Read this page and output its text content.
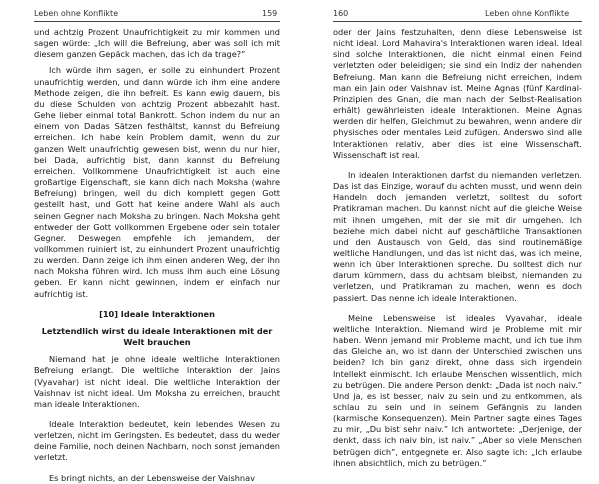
Leben ohne Konflikte	159

und achtzig Prozent Unaufrichtigkeit zu mir kommen und sagen würde: „Ich will die Befreiung, aber was soll ich mit diesem ganzen Gepäck machen, das ich da trage?”

Ich würde ihm sagen, er solle zu einhundert Prozent unaufrichtig werden, und dann würde ich ihm eine andere Methode zeigen, die ihn befreit. Es kann ewig dauern, bis du diese Schulden von achtzig Prozent abbezahlt hast. Gehe lieber einmal total Bankrott. Schon indem du nur an einem von Dadas Sätzen festhältst, kannst du Befreiung erreichen. Ich habe kein Problem damit, wenn du zur ganzen Welt unaufrichtig gewesen bist, wenn du nur hier, bei Dada, aufrichtig bist, dann kannst du Befreiung erreichen. Vollkommene Unaufrichtigkeit ist auch eine großartige Eigenschaft, sie kann dich nach Moksha (wahre Befreiung) bringen, weil du dich komplett gegen Gott gestellt hast, und Gott hat keine andere Wahl als auch seinen Gegner nach Moksha zu bringen. Nach Moksha geht entweder der Gott vollkommen Ergebene oder sein totaler Gegner. Deswegen empfehle ich jemandem, der vollkommen ruiniert ist, zu einhundert Prozent unaufrichtig zu werden. Dann zeige ich ihm einen anderen Weg, der ihn nach Moksha führen wird. Ich muss ihm auch eine Lösung geben. Er kann nicht gewinnen, indem er einfach nur aufrichtig ist.

[10] Ideale Interaktionen

Letztendlich wirst du ideale Interaktionen mit der Welt brauchen

Niemand hat je ohne ideale weltliche Interaktionen Befreiung erlangt. Die weltliche Interaktion der Jains (Vyavahar) ist nicht ideal. Die weltliche Interaktion der Vaishnav ist nicht ideal. Um Moksha zu erreichen, braucht man ideale Interaktionen.

Ideale Interaktion bedeutet, kein lebendes Wesen zu verletzen, nicht im Geringsten. Es bedeutet, dass du weder deine Familie, noch deinen Nachbarn, noch sonst jemanden verletzt.

Es bringt nichts, an der Lebensweise der Vaishnav

160	Leben ohne Konflikte

oder der Jains festzuhalten, denn diese Lebensweise ist nicht ideal. Lord Mahavira's Interaktionen waren ideal. Ideal sind solche Interaktionen, die nicht einmal einen Feind verletzten oder beleidigen; sie sind ein Indiz der nahenden Befreiung. Man kann die Befreiung nicht erreichen, indem man ein Jain oder Vaishnav ist. Meine Agnas (fünf Kardinal-Prinzipien des Gnan, die man nach der Selbst-Realisation erhält) gewährleisten ideale Interaktionen. Meine Agnas werden dir helfen, Gleichmut zu bewahren, wenn andere dir physisches oder mentales Leid zufügen. Anderswo sind alle Interaktionen relativ, aber dies ist eine Wissenschaft. Wissenschaft ist real.

In idealen Interaktionen darfst du niemanden verletzen. Das ist das Einzige, worauf du achten musst, und wenn dein Handeln doch jemanden verletzt, solltest du sofort Pratikraman machen. Du kannst nicht auf die gleiche Weise mit ihnen umgehen, mit der sie mit dir umgehen. Ich beziehe mich dabei nicht auf geschäftliche Transaktionen und den Austausch von Geld, das sind routinemäßige weltliche Handlungen, und das ist nicht das, was ich meine, wenn ich über Interaktionen spreche. Du solltest dich nur darum kümmern, dass du achtsam bleibst, niemanden zu verletzen, und Pratikraman zu machen, wenn es doch passiert. Das nenne ich ideale Interaktionen.

Meine Lebensweise ist ideales Vyavahar, ideale weltliche Interaktion. Niemand wird je Probleme mit mir haben. Wenn jemand mir Probleme macht, und ich tue ihm das Gleiche an, wo ist dann der Unterschied zwischen uns beiden? Ich bin ganz direkt, ohne dass sich irgendein Intellekt einmischt. Ich erlaube Menschen wissentlich, mich zu betrügen. Die andere Person denkt: „Dada ist noch naiv.” Und ja, es ist besser, naiv zu sein und zu entkommen, als schlau zu sein und in seinem Gefängnis zu landen (karmische Konsequenzen). Mein Partner sagte eines Tages zu mir, „Du bist sehr naiv.” Ich antwortete: „Derjenige, der denkt, dass ich naiv bin, ist naiv.” „Aber so viele Menschen betrügen dich”, entgegnete er. Also sagte ich: „Ich erlaube ihnen absichtlich, mich zu betrügen.”
